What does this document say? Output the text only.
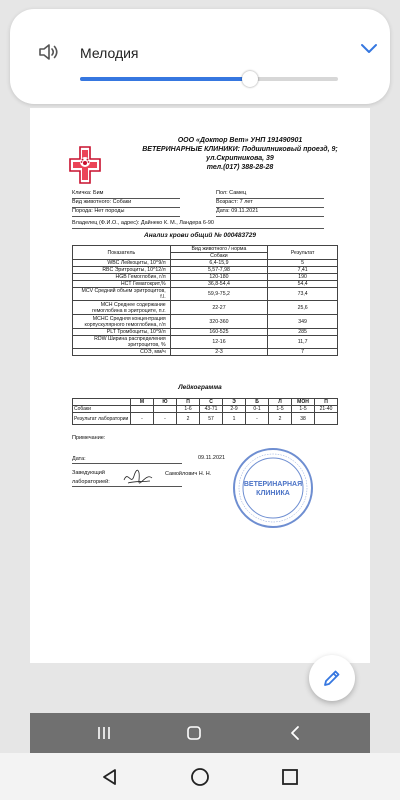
Мелодия
ООО «Доктор Вет» УНП 191490901
ВЕТЕРИНАРНЫЕ КЛИНИКИ: Подшипниковый проезд, 9;
ул.Скрипникова, 39
тел.(017) 388-28-28
Кличка: Бим
Вид животного: Собаки
Порода: Нет породы
Пол: Самец
Возраст: 7 лет
Дата: 09.11.2021
Владелец (Ф.И.О., адрес): Дайнеко К. М., Ландера 6-90
Анализ крови общий № 000483729
Показатель	Вид животного / норма	Результат
	Собаки	
WBC Лейкоциты, 10^9/л	6,4-15,9	5
RBC Эритроциты, 10^12/л	5,57-7,98	7,41
HGB Гемоглобин, г/л	120-180	190
HCT Гематокрит,%	36,8-54,4	54,4
MCV Средний объем эритроцитов, f.l.	59,9-75,2	73,4
MCH Среднее содержание гемоглобина в эритроците, п.г.	22-27	25,6
MCHC Средняя концентрация корпускулярного гемоглобина, г/л	320-360	349
PLT Тромбоциты, 10^9/л	160-525	285
RDW Ширина распределения эритроцитов, %	12-16	11,7
СОЭ, мм/ч	2-3	7
Лейкограмма
	М	Ю	П	С	Э	Б	Л	МОН	П
Собаки			1-6	43-71	2-9	0-1	1-5	1-5	21-40
Результат лаборатории	-	-	2	57	1	-	2	38	
Примечание:
Дата:	09.11.2021
Заведующий
лабораторией:
Самойлович Н. Н.
ВЕТЕРИНАРНАЯ
КЛИНИКА
